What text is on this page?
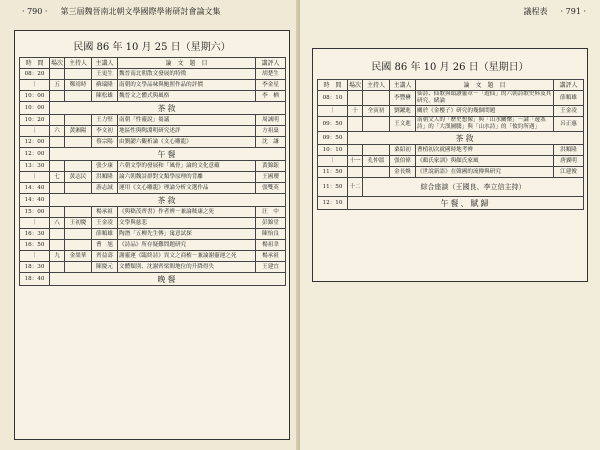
· 790 · 第三屆魏晉南北朝文學國際學術研討會論文集
民國 86 年 10 月 25 日（星期六）
時　間	場次	主持人	主講人	論　文　題　目	講評人
08：20			王更生	魏晉南北朝散文發展的特徵	胡楚生
｜	五	鄭靖時	蘇瑞隆	南朝的文學品味與鮑照作品的評價	李金星
10：00			陳松雄	魏晉文之體式與風格	李　栖
10：00	茶敘				
10：20			王力堅	南朝「性靈說」芻議	周誠明
｜	六	黃湘陽	李文初	地區性與陶淵明研究述評	方祖燊
12：00			蔡宗陽	由劉勰六觀析論《文心雕龍》	沈　謙
12：00	午餐				
13：30			張少康	六朝文學的發展和「風骨」論的文化意蘊	黃錦鋐
｜	七	黃志民	洪順隆	論六朝魏詩群對文類學原理的背離	王國瓔
14：40			游志誠	運用《文心雕龍》理論分析文選作品	張雙英
14：40	茶敘				
15：00			楊承祖	《與嵇茂齊書》作者辨－兼論嵇康之死	汪　中
｜	八	王初慶	王金凌	文學與慈悲	彭錦堂
16：30			薛順雄	陶潛「五柳先生傳」寓意試探	陳怡良
16：50			曹　旭	《詩品》所存疑難問題研究	楊祖聿
｜	九	金榮華	齊益壽	謝靈運《臨終詩》異文之商榷－兼論謝靈運之死	楊承祖
18：30			陳慶元	文體類別、沈謝齊梁間地位的升降得失	王建宜
18：40	晚餐				
議程表 · 791 ·
民國 86 年 10 月 26 日（星期日）
時　間	場次	主持人	主講人	論　文　題　目	講評人
08：10			李豐楙	仙詩、仙歌與頌讚靈章－「遊仙」的六朝詩歌史料及其研究，緒論	薛順雄
｜	十	全寅初	劉躍進	關於《金樓子》研究的幾個問題	王金凌
09：50			王文進	南朝文人的「歷史想像」與「山水關懷」－論「邊塞詩」的「大漢圖騰」與「山水詩」的「攸約所遇」	呂正惠
09：50	茶敘				
10：10			桑紹初	曹植初次就國時地考辨	洪順隆
｜	十一	孔仲溫	張伯偉	《顏氏家訓》與顏氏家風	唐翼明
11：50			金長煥	《世說新語》在韓國的流傳與研究	江建俊
11：50	十二	綜合座談（王國良、李立信主持）			
12：10	午餐、賦歸				
